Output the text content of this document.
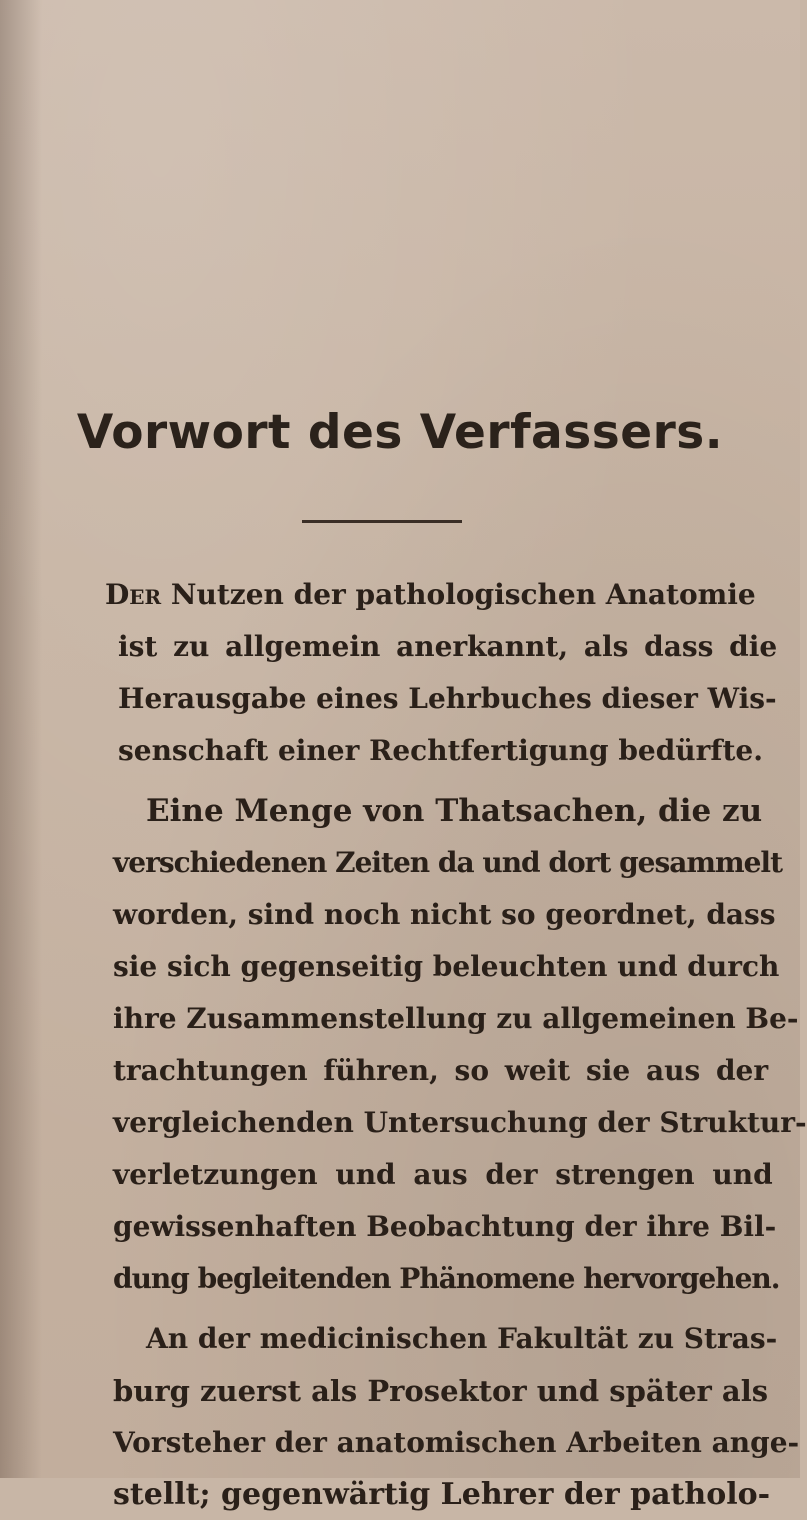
Vorwort des Verfassers.

Der Nutzen der pathologischen Anatomie

ist zu allgemein anerkannt, als dass die

Herausgabe eines Lehrbuches dieser Wis-

senschaft einer Rechtfertigung bedürfte.

Eine Menge von Thatsachen, die zu

verschiedenen Zeiten da und dort gesammelt

worden, sind noch nicht so geordnet, dass

sie sich gegenseitig beleuchten und durch

ihre Zusammenstellung zu allgemeinen Be-

trachtungen führen, so weit sie aus der

vergleichenden Untersuchung der Struktur-

verletzungen und aus der strengen und

gewissenhaften Beobachtung der ihre Bil-

dung begleitenden Phänomene hervorgehen.

An der medicinischen Fakultät zu Stras-

burg zuerst als Prosektor und später als

Vorsteher der anatomischen Arbeiten ange-

stellt; gegenwärtig Lehrer der patholo-
